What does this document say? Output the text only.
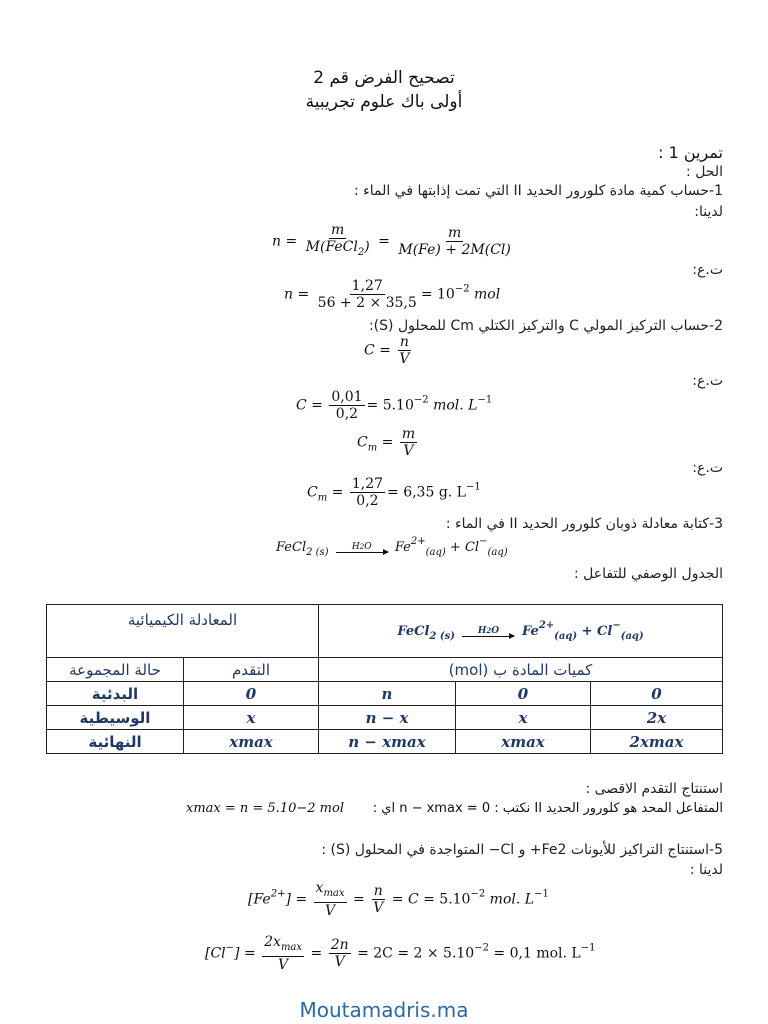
تصحيح الفرض قم 2
أولى باك علوم تجريبية
تمرين 1 :
الحل :
1-حساب كمية مادة كلورور الحديد II التي تمت إذابتها في الماء :
لدينا:
$n = \frac{m}{M(FeCl_2)} = \frac{m}{M(Fe) + 2M(Cl)}$
ت.ع:
$n = \frac{1,27}{56 + 2 \times 35,5} = 10^{-2}$ mol
2-حساب التركيز المولي C والتركيز الكتلي Cm للمحلول (S):
$C = \frac{n}{V}$
ت.ع:
$C = \frac{0,01}{0,2} = 5.10^{-2}$ mol. $L^{-1}$
$C_m = \frac{m}{V}$
ت.ع:
$C_m = \frac{1,27}{0,2} = 6,35$ g. $L^{-1}$
3-كتابة معادلة ذوبان كلورور الحديد II في الماء :
FeCl$_{2 (s)}$
H2O $Fe^{2+}_{(aq)} + Cl^-_{(aq)}$
الجدول الوصفي للتفاعل :
المعادلة الكيميائية		FeCl$_{2 (s)}$ H2O $Fe^{2+}_{(aq)} + Cl^-_{(aq)}$
حالة المجموعة	التقدم	كميات المادة ب (mol)		
البدئية	0	n	0	0
الوسيطية	x	n − x	x	2x
النهائية	xmax	n − xmax	xmax	2xmax
استنتاج التقدم الاقصى :
المتفاعل المحد هو كلورور الحديد II نكتب : 0 = n − xmax اي :
xmax = n = 5.10−2 mol
5-استنتاج التراكيز للأيونات Fe2+ و Cl− المتواجدة في المحلول (S) :
لدينا :
$[Fe^{2+}] = \frac{x_{max}}{V} = \frac{n}{V} = C = 5.10^{-2}$ mol. $L^{-1}$
$[Cl^-] = \frac{2x_{max}}{V} = \frac{2n}{V} = 2C = 2 \times 5.10^{-2} = 0,1$ mol. $L^{-1}$
Moutamadris.ma
